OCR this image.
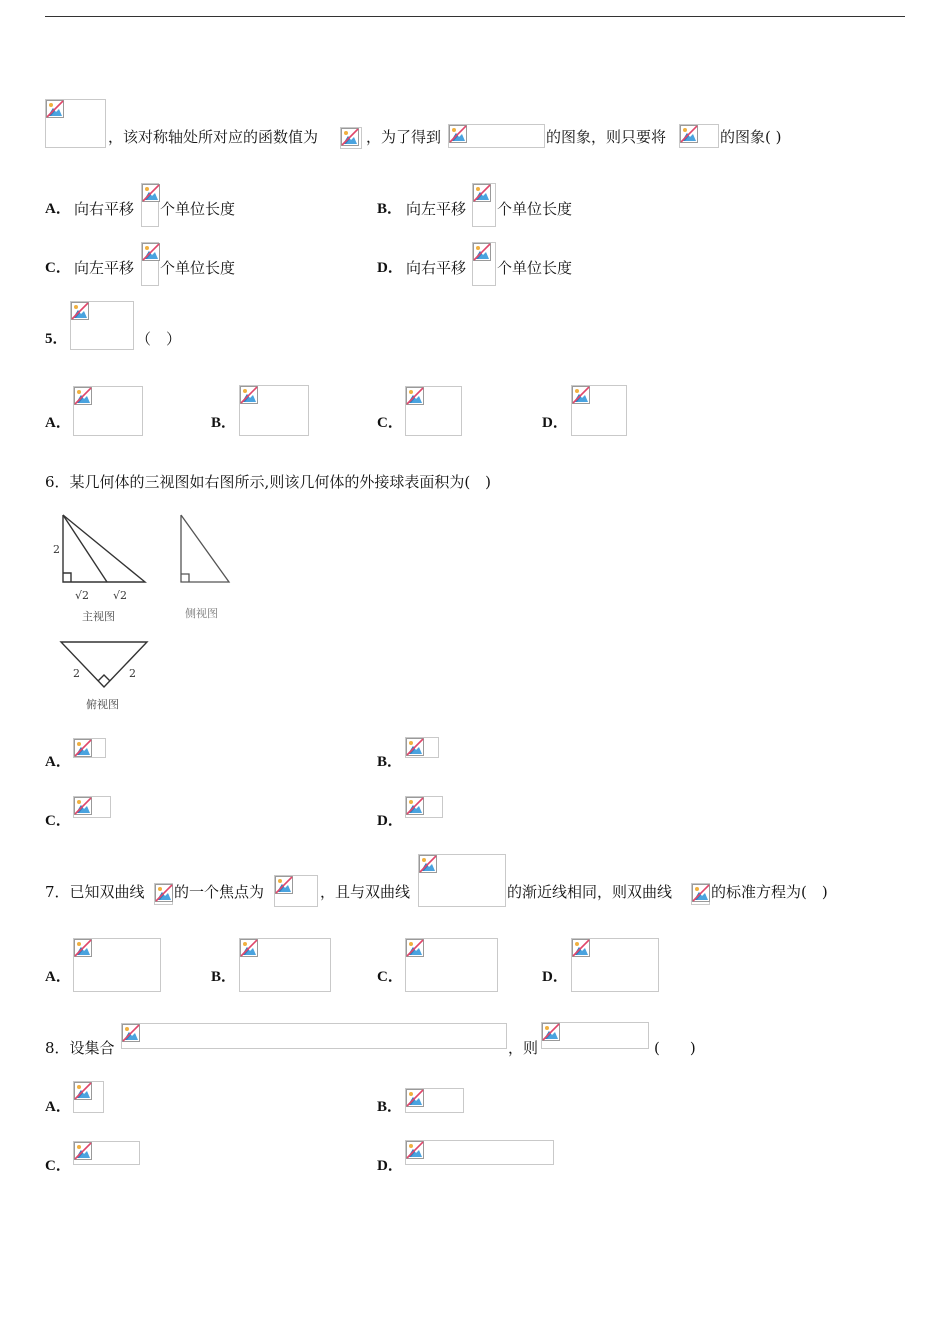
，该对称轴处所对应的函数值为	，为了得到	的图象，则只要将	的图象( )
A． 向右平移 个单位长度	B． 向左平移 个单位长度
C． 向左平移 个单位长度	D． 向右平移 个单位长度
5．	（　）
A．	B．	C．	D．
6．某几何体的三视图如右图所示,则该几何体的外接球表面积为(　)
2
√2 √2
主视图	侧视图
2	2
俯视图
A．	B．
C．	D．
7．已知双曲线 的一个焦点为	，且与双曲线	的渐近线相同，则双曲线	的标准方程为(　)
A．	B．	C．	D．
8．设集合	，则	(　　)
A．	B．
C．	D．
